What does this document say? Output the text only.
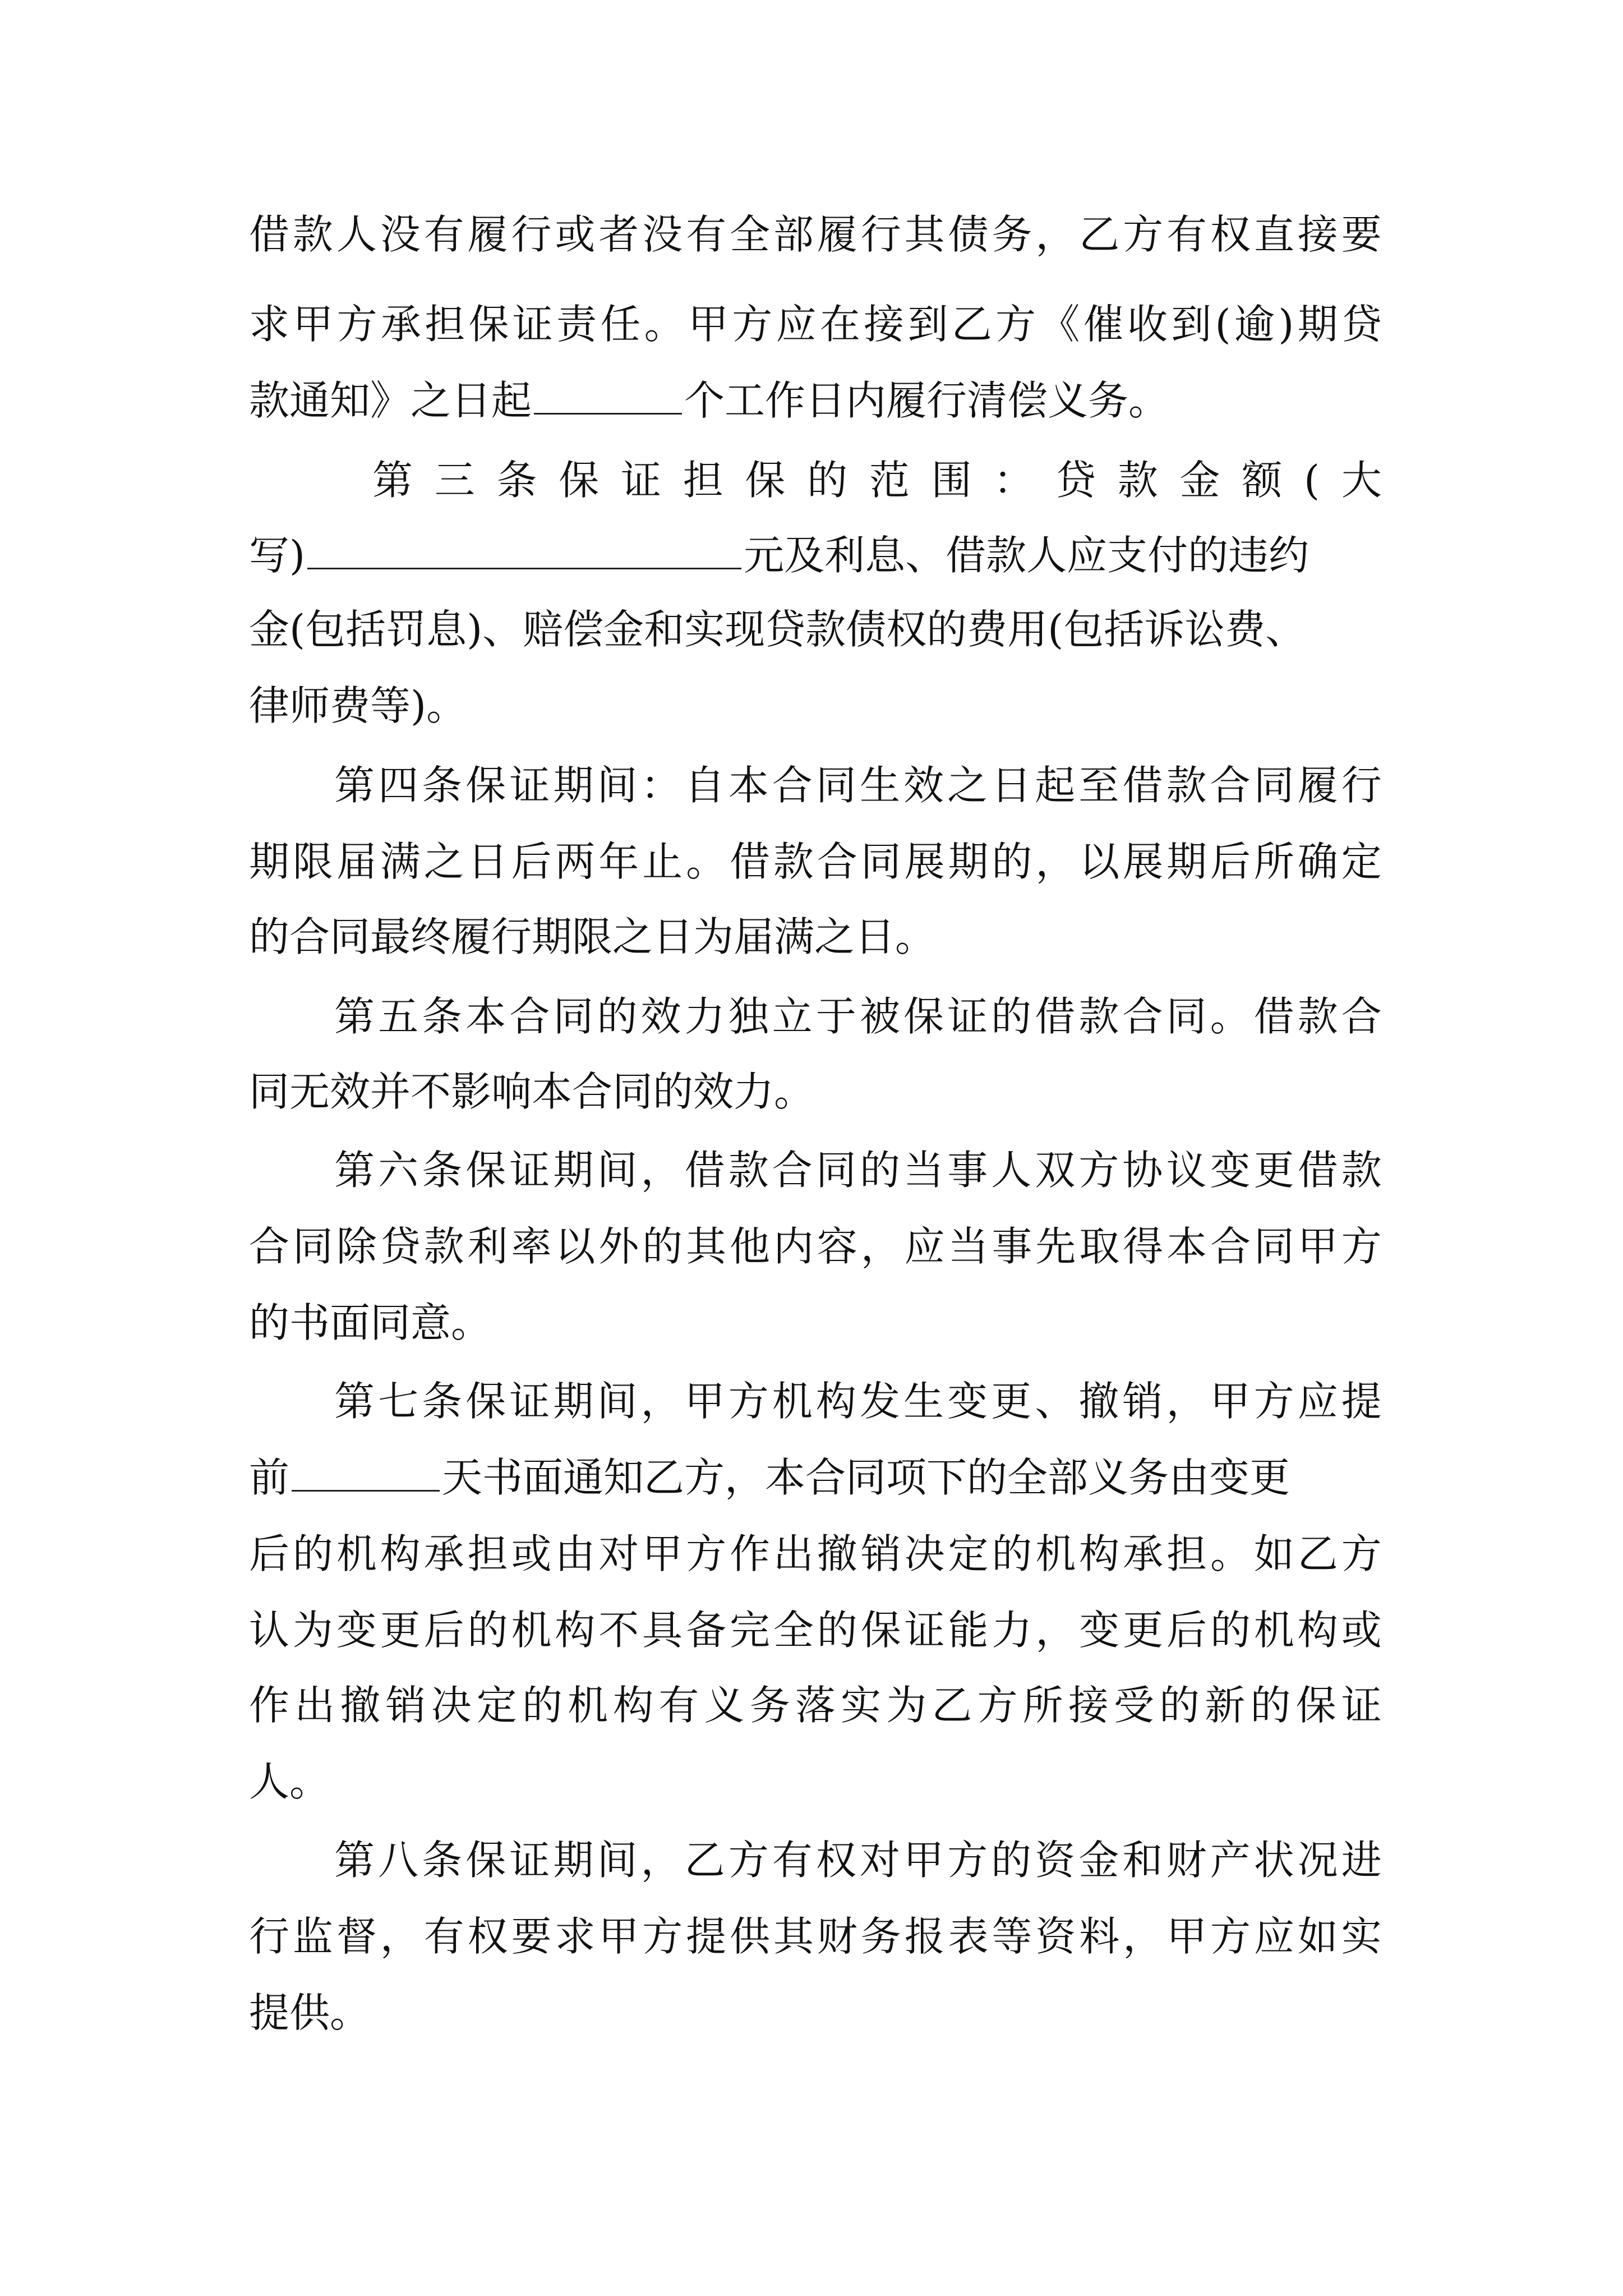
借 款 人 没 有 履 行 或 者 没 有 全 部 履 行 其 债 务 ， 乙 方 有 权 直 接 要
求 甲 方 承 担 保 证 责 任 。 甲 方 应 在 接 到 乙 方 《 催 收 到 ( 逾 ) 期 贷
款通知》之日起	个工作日内履行清偿义务。
第 三 条 保 证 担 保 的 范 围 ： 贷 款 金 额 ( 大
写)	元及利息、借款人应支付的违约
金(包括罚息)、赔偿金和实现贷款债权的费用(包括诉讼费、
律师费等)。
第 四 条 保 证 期 间 ： 自 本 合 同 生 效 之 日 起 至 借 款 合 同 履 行
期 限 届 满 之 日 后 两 年 止 。 借 款 合 同 展 期 的 ， 以 展 期 后 所 确 定
的合同最终履行期限之日为届满之日。
第 五 条 本 合 同 的 效 力 独 立 于 被 保 证 的 借 款 合 同 。 借 款 合
同无效并不影响本合同的效力。
第 六 条 保 证 期 间 ， 借 款 合 同 的 当 事 人 双 方 协 议 变 更 借 款
合 同 除 贷 款 利 率 以 外 的 其 他 内 容 ， 应 当 事 先 取 得 本 合 同 甲 方
的书面同意。
第 七 条 保 证 期 间 ， 甲 方 机 构 发 生 变 更 、 撤 销 ， 甲 方 应 提
前	天书面通知乙方，本合同项下的全部义务由变更
后 的 机 构 承 担 或 由 对 甲 方 作 出 撤 销 决 定 的 机 构 承 担 。 如 乙 方
认 为 变 更 后 的 机 构 不 具 备 完 全 的 保 证 能 力 ， 变 更 后 的 机 构 或
作 出 撤 销 决 定 的 机 构 有 义 务 落 实 为 乙 方 所 接 受 的 新 的 保 证
人。
第 八 条 保 证 期 间 ， 乙 方 有 权 对 甲 方 的 资 金 和 财 产 状 况 进
行 监 督 ， 有 权 要 求 甲 方 提 供 其 财 务 报 表 等 资 料 ， 甲 方 应 如 实
提供。
